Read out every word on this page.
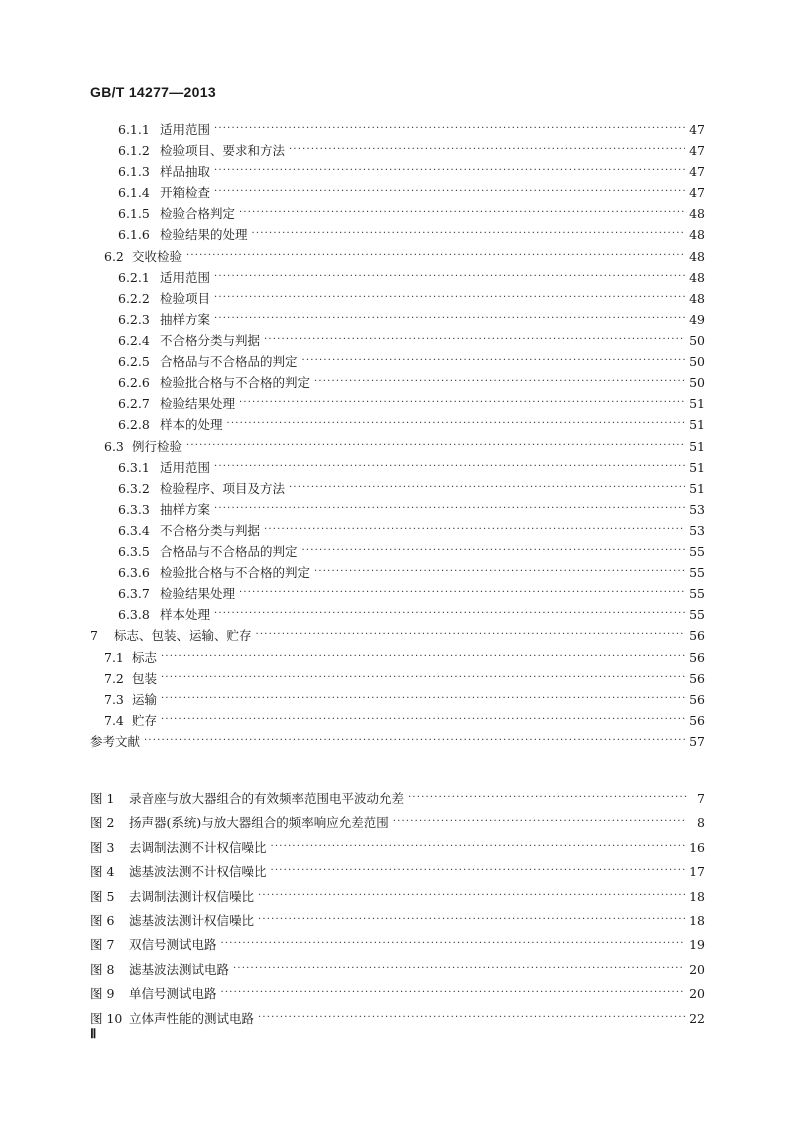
GB/T 14277—2013
Ⅱ
6.1.1 适用范围 ·····	47
6.1.2 检验项目、要求和方法 ·····	47
6.1.3 样品抽取 ·····	47
6.1.4 开箱检查 ·····	47
6.1.5 检验合格判定 ·····	48
6.1.6 检验结果的处理 ·····	48
6.2 交收检验 ·····	48
6.2.1 适用范围 ·····	48
6.2.2 检验项目 ·····	48
6.2.3 抽样方案 ·····	49
6.2.4 不合格分类与判据 ·····	50
6.2.5 合格品与不合格品的判定 ·····	50
6.2.6 检验批合格与不合格的判定 ·····	50
6.2.7 检验结果处理 ·····	51
6.2.8 样本的处理 ·····	51
6.3 例行检验 ·····	51
6.3.1 适用范围 ·····	51
6.3.2 检验程序、项目及方法 ·····	51
6.3.3 抽样方案 ·····	53
6.3.4 不合格分类与判据 ·····	53
6.3.5 合格品与不合格品的判定 ·····	55
6.3.6 检验批合格与不合格的判定 ·····	55
6.3.7 检验结果处理 ·····	55
6.3.8 样本处理 ·····	55
7	标志、包装、运输、贮存 ·····	56
7.1 标志 ·····	56
7.2 包装 ·····	56
7.3 运输 ·····	56
7.4 贮存 ·····	56
参考文献 ·····	57
图 1	录音座与放大器组合的有效频率范围电平波动允差 ·····	7
图 2	扬声器(系统)与放大器组合的频率响应允差范围 ·····	8
图 3	去调制法测不计权信噪比 ·····	16
图 4	滤基波法测不计权信噪比 ·····	17
图 5	去调制法测计权信噪比 ·····	18
图 6	滤基波法测计权信噪比 ·····	18
图 7	双信号测试电路 ·····	19
图 8	滤基波法测试电路 ·····	20
图 9	单信号测试电路 ·····	20
图 10 立体声性能的测试电路 ·····	22
